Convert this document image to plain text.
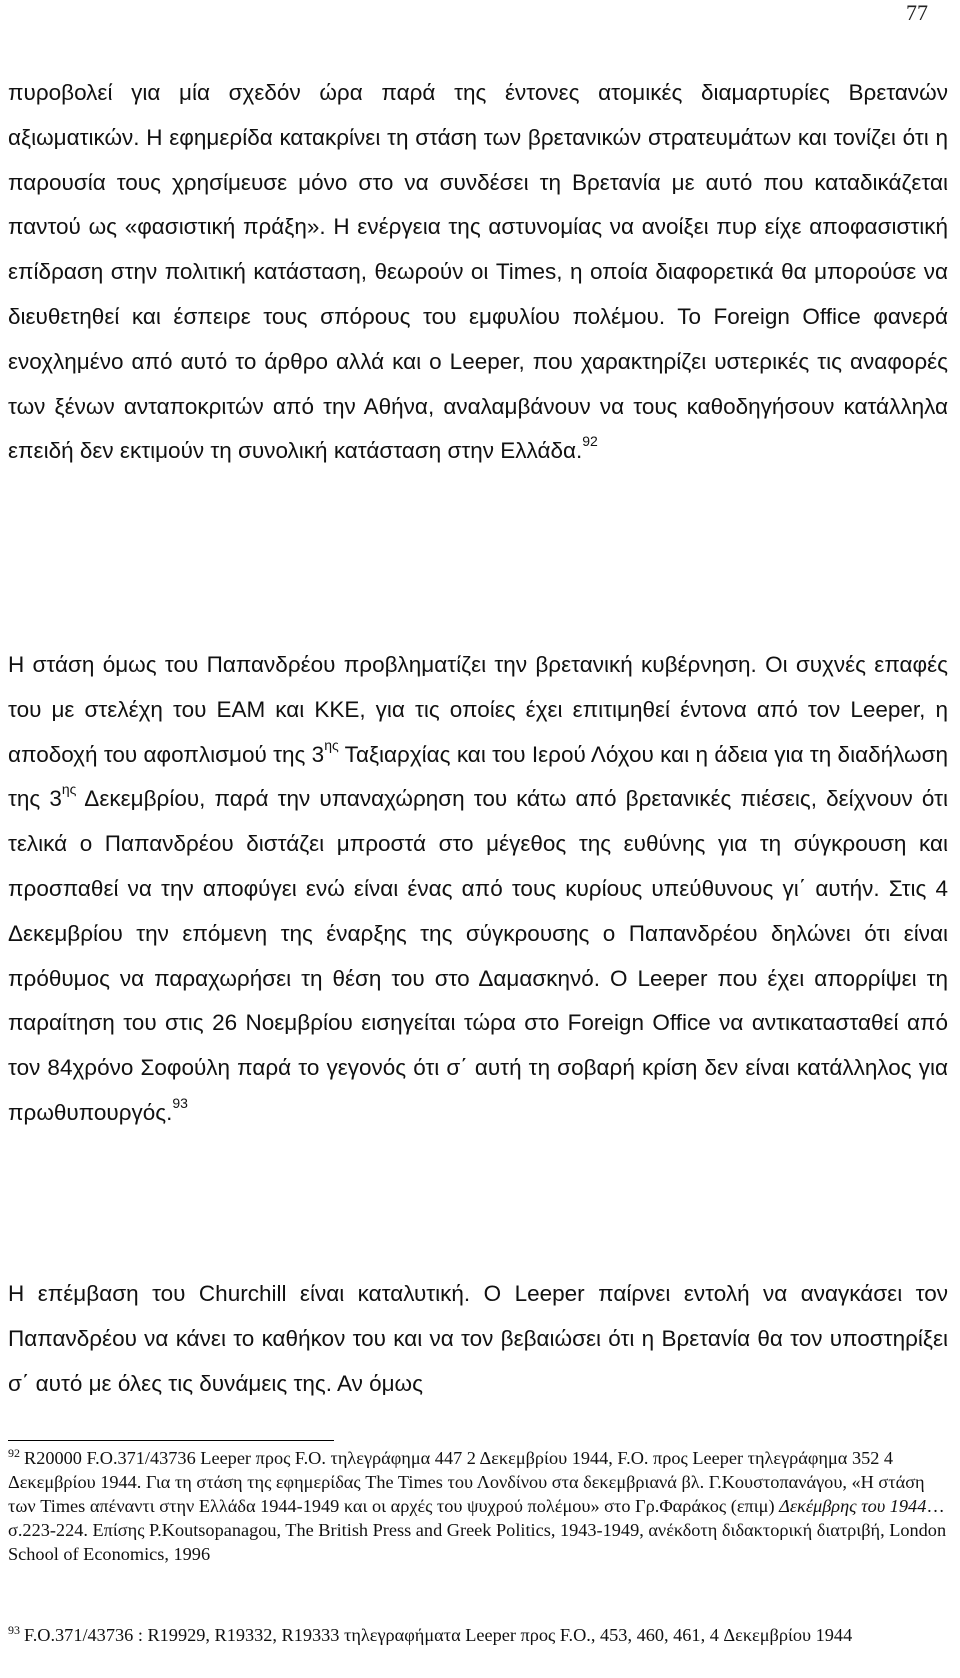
77

πυροβολεί για μία σχεδόν ώρα παρά της έντονες ατομικές διαμαρτυρίες Βρετανών αξιωματικών. Η εφημερίδα κατακρίνει τη στάση των βρετανικών στρατευμάτων και τονίζει ότι η παρουσία τους χρησίμευσε μόνο στο να συνδέσει τη Βρετανία με αυτό που καταδικάζεται παντού ως «φασιστική πράξη». Η ενέργεια της αστυνομίας να ανοίξει πυρ είχε αποφασιστική επίδραση στην πολιτική κατάσταση, θεωρούν οι Times, η οποία διαφορετικά θα μπορούσε να διευθετηθεί και έσπειρε τους σπόρους του εμφυλίου πολέμου. Το Foreign Office φανερά ενοχλημένο από αυτό το άρθρο αλλά και ο Leeper, που χαρακτηρίζει υστερικές τις αναφορές των ξένων ανταποκριτών από την Αθήνα, αναλαμβάνουν να τους καθοδηγήσουν κατάλληλα επειδή δεν εκτιμούν τη συνολική κατάσταση στην Ελλάδα.$^{92}$

Η στάση όμως του Παπανδρέου προβληματίζει την βρετανική κυβέρνηση. Οι συχνές επαφές του με στελέχη του ΕΑΜ και ΚΚΕ, για τις οποίες έχει επιτιμηθεί έντονα από τον Leeper, η αποδοχή του αφοπλισμού της $3^{\eta\varsigma}$ Ταξιαρχίας και του Ιερού Λόχου και η άδεια για τη διαδήλωση της $3^{\eta\varsigma}$ Δεκεμβρίου, παρά την υπαναχώρηση του κάτω από βρετανικές πιέσεις, δείχνουν ότι τελικά ο Παπανδρέου διστάζει μπροστά στο μέγεθος της ευθύνης για τη σύγκρουση και προσπαθεί να την αποφύγει ενώ είναι ένας από τους κυρίους υπεύθυνους γι΄ αυτήν. Στις 4 Δεκεμβρίου την επόμενη της έναρξης της σύγκρουσης ο Παπανδρέου δηλώνει ότι είναι πρόθυμος να παραχωρήσει τη θέση του στο Δαμασκηνό. Ο Leeper που έχει απορρίψει τη παραίτηση του στις 26 Νοεμβρίου εισηγείται τώρα στο Foreign Office να αντικατασταθεί από τον 84χρόνο Σοφούλη παρά το γεγονός ότι σ΄ αυτή τη σοβαρή κρίση δεν είναι κατάλληλος για πρωθυπουργός.$^{93}$

Η επέμβαση του Churchill είναι καταλυτική. Ο Leeper παίρνει εντολή να αναγκάσει τον Παπανδρέου να κάνει το καθήκον του και να τον βεβαιώσει ότι η Βρετανία θα τον υποστηρίξει σ΄ αυτό με όλες τις δυνάμεις της. Αν όμως

$^{92}$ R20000 F.O.371/43736 Leeper προς F.O. τηλεγράφημα 447 2 Δεκεμβρίου 1944, F.O. προς Leeper τηλεγράφημα 352 4 Δεκεμβρίου 1944. Για τη στάση της εφημερίδας The Times του Λονδίνου στα δεκεμβριανά βλ. Γ.Κουστοπανάγου, «Η στάση των Times απέναντι στην Ελλάδα 1944-1949 και οι αρχές του ψυχρού πολέμου» στο Γρ.Φαράκος (επιμ) Δεκέμβρης του 1944…σ.223-224. Επίσης P.Koutsopanagou, The British Press and Greek Politics, 1943-1949, ανέκδοτη διδακτορική διατριβή, London School of Economics, 1996

$^{93}$ F.O.371/43736 : R19929, R19332, R19333 τηλεγραφήματα Leeper προς F.O., 453, 460, 461, 4 Δεκεμβρίου 1944
